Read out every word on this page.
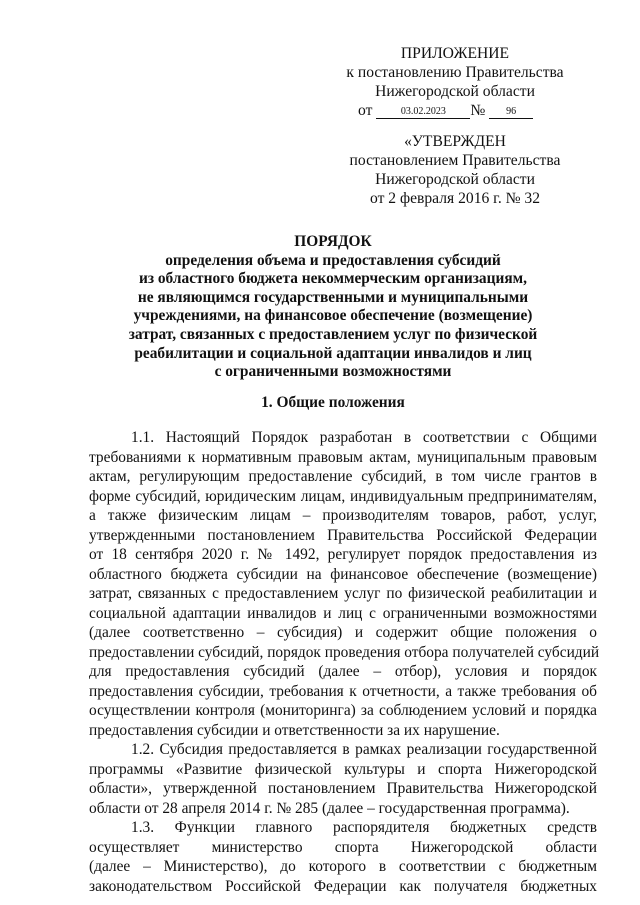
ПРИЛОЖЕНИЕ
к постановлению Правительства
Нижегородской области
от	03.02.2023 № 96
«УТВЕРЖДЕН
постановлением Правительства
Нижегородской области
от 2 февраля 2016 г. № 32
ПОРЯДОК
определения объема и предоставления субсидий
из областного бюджета некоммерческим организациям,
не являющимся государственными и муниципальными
учреждениями, на финансовое обеспечение (возмещение)
затрат, связанных с предоставлением услуг по физической
реабилитации и социальной адаптации инвалидов и лиц
с ограниченными возможностями
1. Общие положения
1.1. Настоящий Порядок разработан в соответствии с Общими
требованиями к нормативным правовым актам, муниципальным правовым
актам, регулирующим предоставление субсидий, в том числе грантов в
форме субсидий, юридическим лицам, индивидуальным предпринимателям,
а также физическим лицам – производителям товаров, работ, услуг,
утвержденными постановлением Правительства Российской Федерации
от 18 сентября 2020 г. № 1492, регулирует порядок предоставления из
областного бюджета субсидии на финансовое обеспечение (возмещение)
затрат, связанных с предоставлением услуг по физической реабилитации и
социальной адаптации инвалидов и лиц с ограниченными возможностями
(далее соответственно – субсидия) и содержит общие положения о
предоставлении субсидий, порядок проведения отбора получателей субсидий
для предоставления субсидий (далее – отбор), условия и порядок
предоставления субсидии, требования к отчетности, а также требования об
осуществлении контроля (мониторинга) за соблюдением условий и порядка
предоставления субсидии и ответственности за их нарушение.
1.2. Субсидия предоставляется в рамках реализации государственной
программы «Развитие физической культуры и спорта Нижегородской
области», утвержденной постановлением Правительства Нижегородской
области от 28 апреля 2014 г. № 285 (далее – государственная программа).
1.3. Функции главного распорядителя бюджетных средств
осуществляет министерство спорта Нижегородской области
(далее – Министерство), до которого в соответствии с бюджетным
законодательством Российской Федерации как получателя бюджетных
